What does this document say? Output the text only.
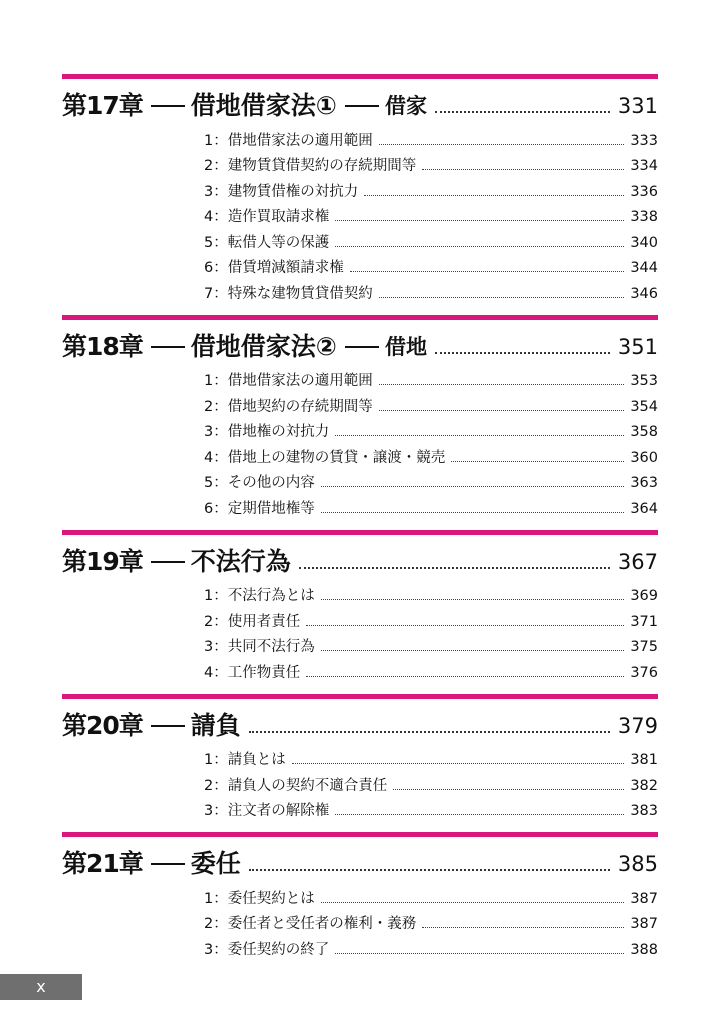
第17章 借地借家法① 借家	331
1：借地借家法の適用範囲	333
2：建物賃貸借契約の存続期間等	334
3：建物賃借権の対抗力	336
4：造作買取請求権	338
5：転借人等の保護	340
6：借賃増減額請求権	344
7：特殊な建物賃貸借契約	346
第18章 借地借家法② 借地	351
1：借地借家法の適用範囲	353
2：借地契約の存続期間等	354
3：借地権の対抗力	358
4：借地上の建物の賃貸・譲渡・競売	360
5：その他の内容	363
6：定期借地権等	364
第19章 不法行為	367
1：不法行為とは	369
2：使用者責任	371
3：共同不法行為	375
4：工作物責任	376
第20章 請負	379
1：請負とは	381
2：請負人の契約不適合責任	382
3：注文者の解除権	383
第21章 委任	385
1：委任契約とは	387
2：委任者と受任者の権利・義務	387
3：委任契約の終了	388
x
